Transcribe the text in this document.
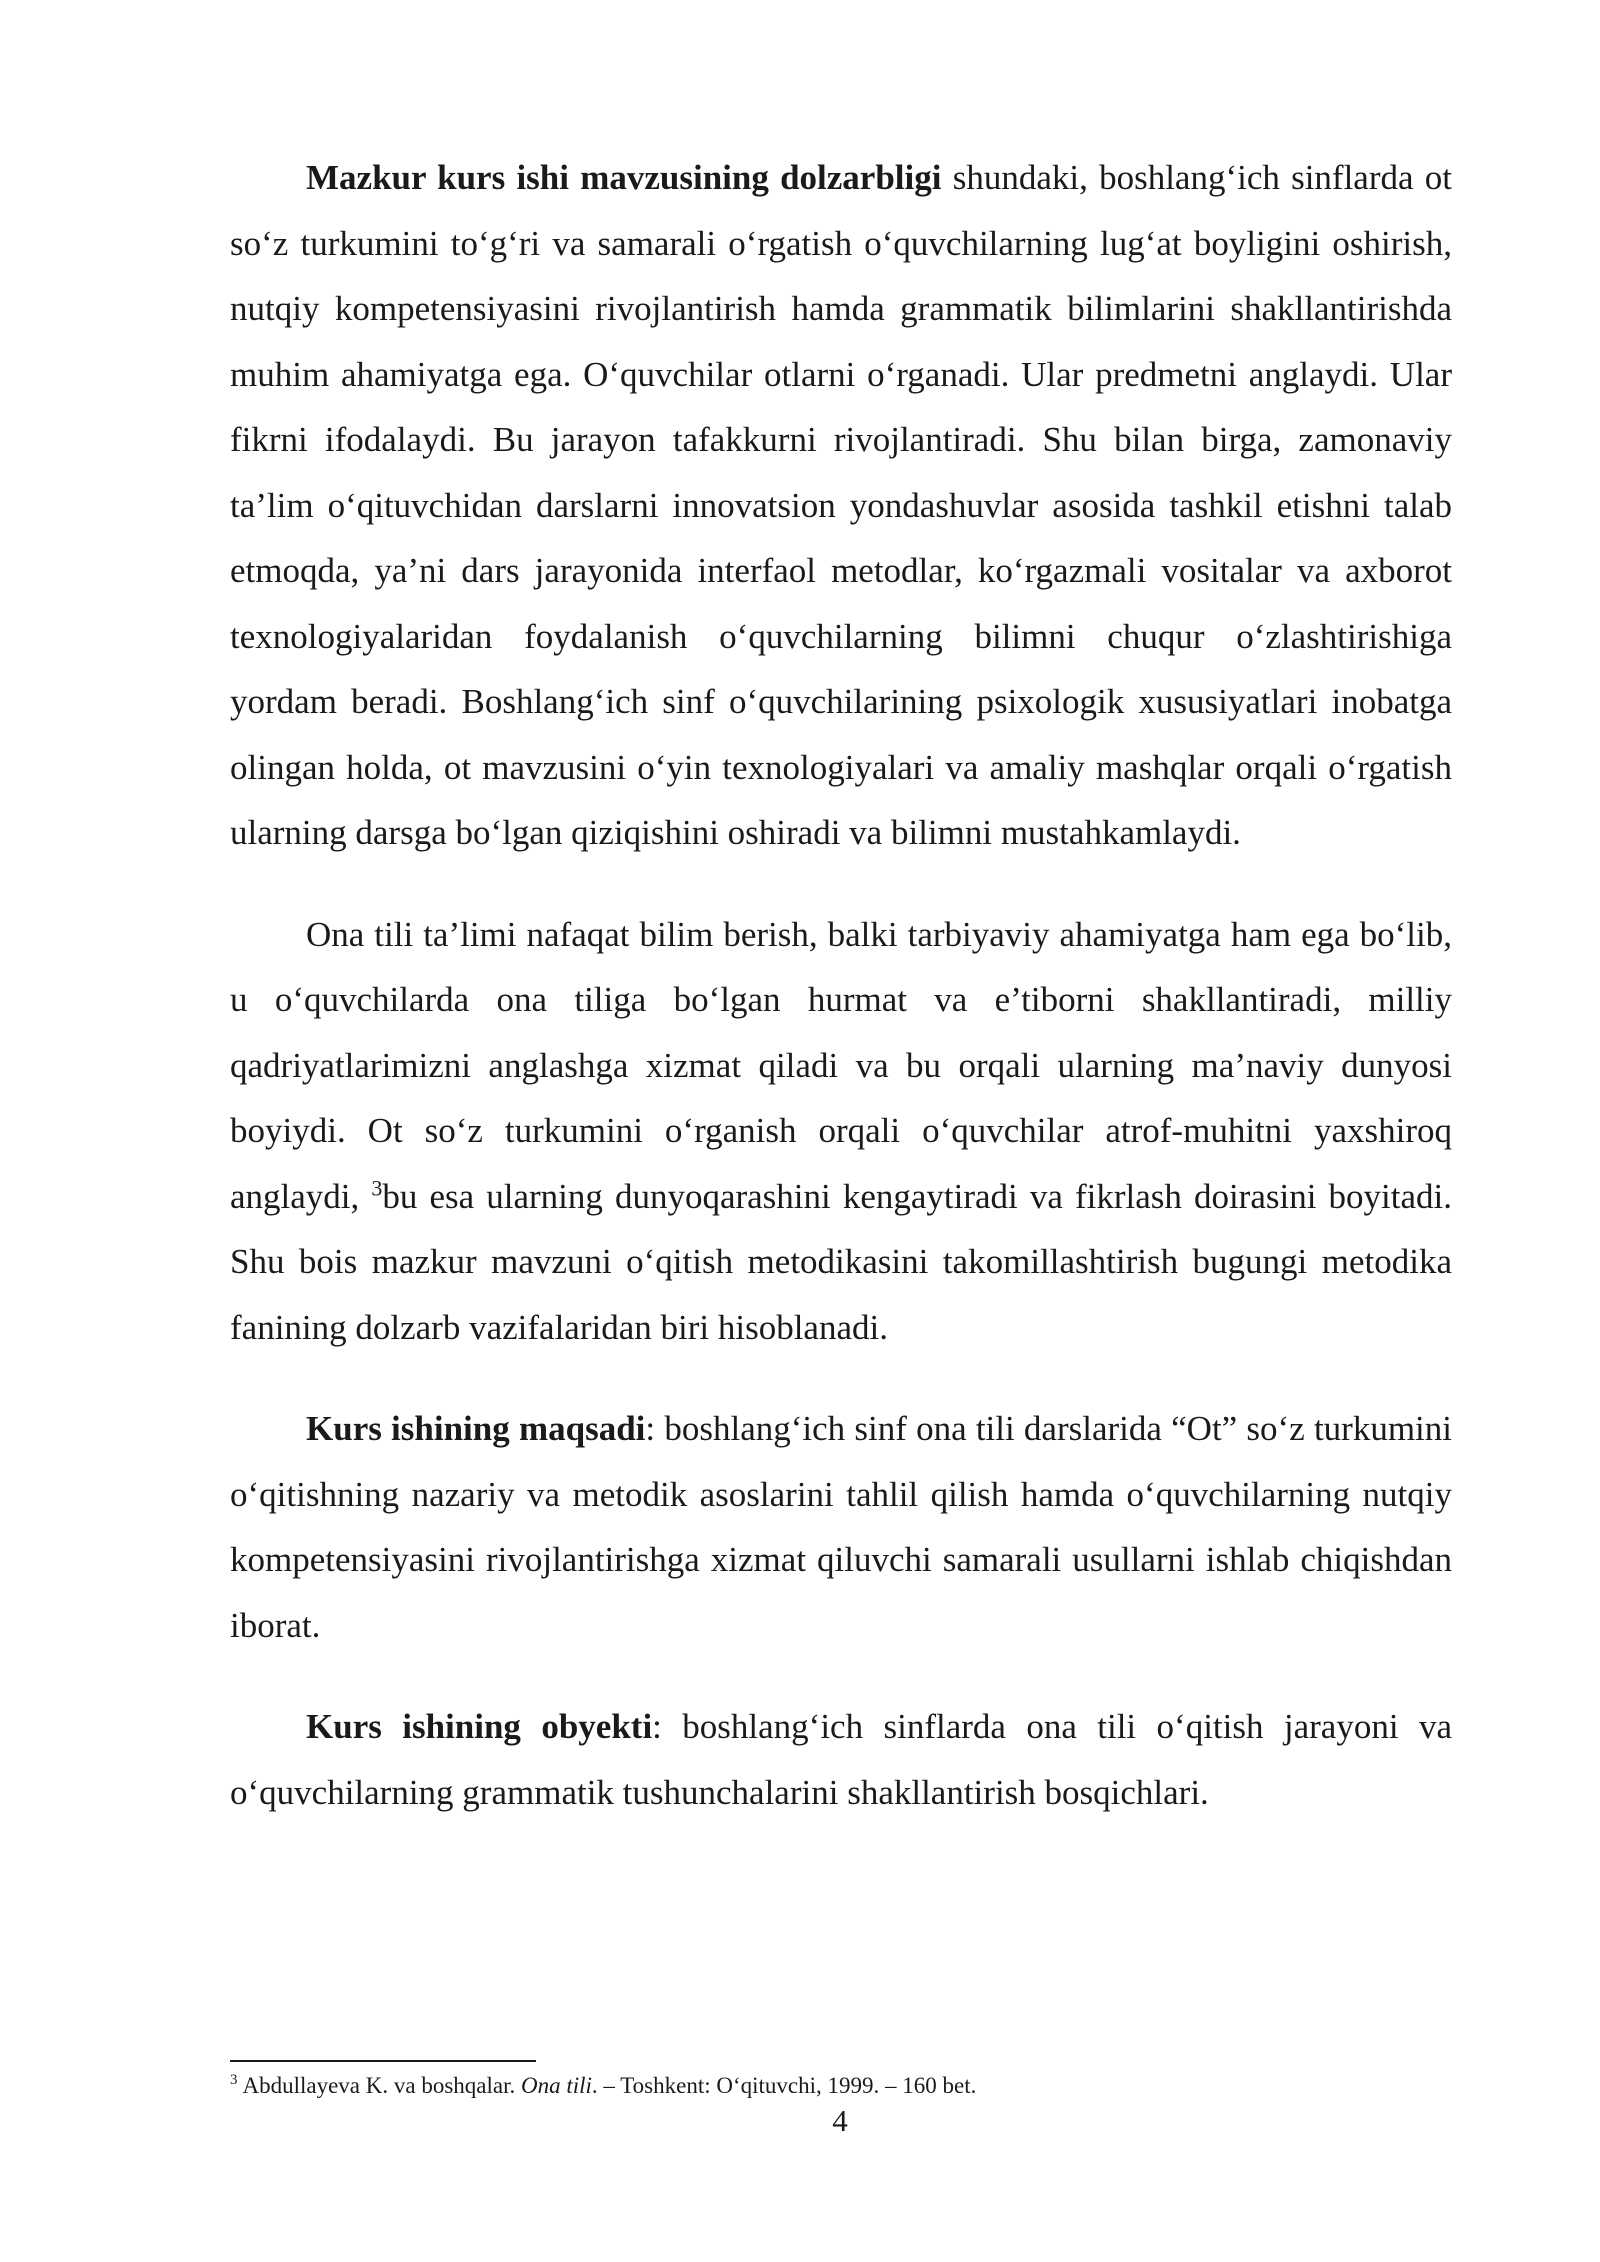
Mazkur kurs ishi mavzusining dolzarbligi shundaki, boshlang‘ich sinflarda ot so‘z turkumini to‘g‘ri va samarali o‘rgatish o‘quvchilarning lug‘at boyligini oshirish, nutqiy kompetensiyasini rivojlantirish hamda grammatik bilimlarini shakllantirishda muhim ahamiyatga ega. O‘quvchilar otlarni o‘rganadi. Ular predmetni anglaydi. Ular fikrni ifodalaydi. Bu jarayon tafakkurni rivojlantiradi. Shu bilan birga, zamonaviy ta’lim o‘qituvchidan darslarni innovatsion yondashuvlar asosida tashkil etishni talab etmoqda, ya’ni dars jarayonida interfaol metodlar, ko‘rgazmali vositalar va axborot texnologiyalaridan foydalanish o‘quvchilarning bilimni chuqur o‘zlashtirishiga yordam beradi. Boshlang‘ich sinf o‘quvchilarining psixologik xususiyatlari inobatga olingan holda, ot mavzusini o‘yin texnologiyalari va amaliy mashqlar orqali o‘rgatish ularning darsga bo‘lgan qiziqishini oshiradi va bilimni mustahkamlaydi.

Ona tili ta’limi nafaqat bilim berish, balki tarbiyaviy ahamiyatga ham ega bo‘lib, u o‘quvchilarda ona tiliga bo‘lgan hurmat va e’tiborni shakllantiradi, milliy qadriyatlarimizni anglashga xizmat qiladi va bu orqali ularning ma’naviy dunyosi boyiydi. Ot so‘z turkumini o‘rganish orqali o‘quvchilar atrof-muhitni yaxshiroq anglaydi, $^3$bu esa ularning dunyoqarashini kengaytiradi va fikrlash doirasini boyitadi. Shu bois mazkur mavzuni o‘qitish metodikasini takomillashtirish bugungi metodika fanining dolzarb vazifalaridan biri hisoblanadi.

Kurs ishining maqsadi: boshlang‘ich sinf ona tili darslarida “Ot” so‘z turkumini o‘qitishning nazariy va metodik asoslarini tahlil qilish hamda o‘quvchilarning nutqiy kompetensiyasini rivojlantirishga xizmat qiluvchi samarali usullarni ishlab chiqishdan iborat.

Kurs ishining obyekti: boshlang‘ich sinflarda ona tili o‘qitish jarayoni va o‘quvchilarning grammatik tushunchalarini shakllantirish bosqichlari.

$^3$ Abdullayeva K. va boshqalar. Ona tili. – Toshkent: O‘qituvchi, 1999. – 160 bet.

4
